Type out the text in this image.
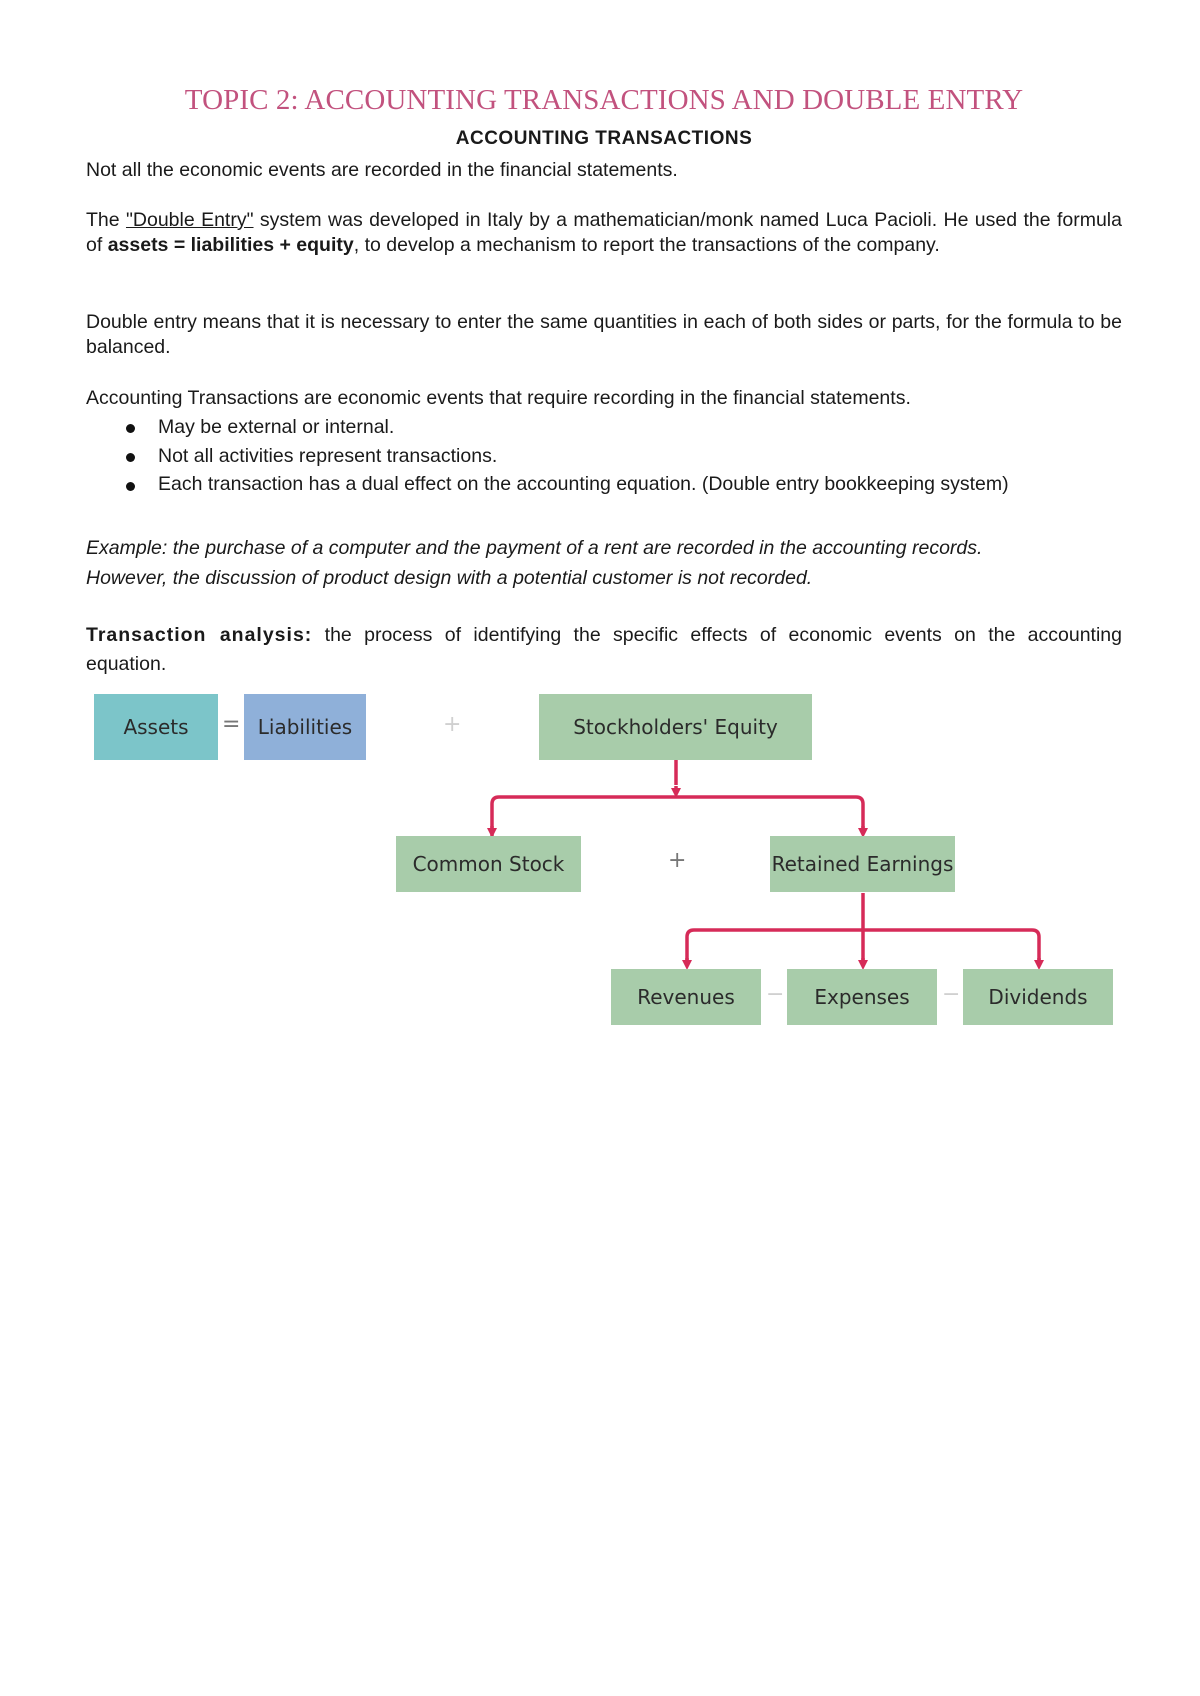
TOPIC 2: ACCOUNTING TRANSACTIONS AND DOUBLE ENTRY
ACCOUNTING TRANSACTIONS
Not all the economic events are recorded in the financial statements.
The "Double Entry" system was developed in Italy by a mathematician/monk named Luca Pacioli. He used the formula of assets = liabilities + equity, to develop a mechanism to report the transactions of the company.
Double entry means that it is necessary to enter the same quantities in each of both sides or parts, for the formula to be balanced.
Accounting Transactions are economic events that require recording in the financial statements.
May be external or internal.
Not all activities represent transactions.
Each transaction has a dual effect on the accounting equation. (Double entry bookkeeping system)
Example: the purchase of a computer and the payment of a rent are recorded in the accounting records.
However, the discussion of product design with a potential customer is not recorded.
Transaction analysis: the process of identifying the specific effects of economic events on the accounting equation.
Assets	= Liabilities	+	Stockholders' Equity
Common Stock	+	Retained Earnings
Revenues	−	Expenses	−	Dividends
